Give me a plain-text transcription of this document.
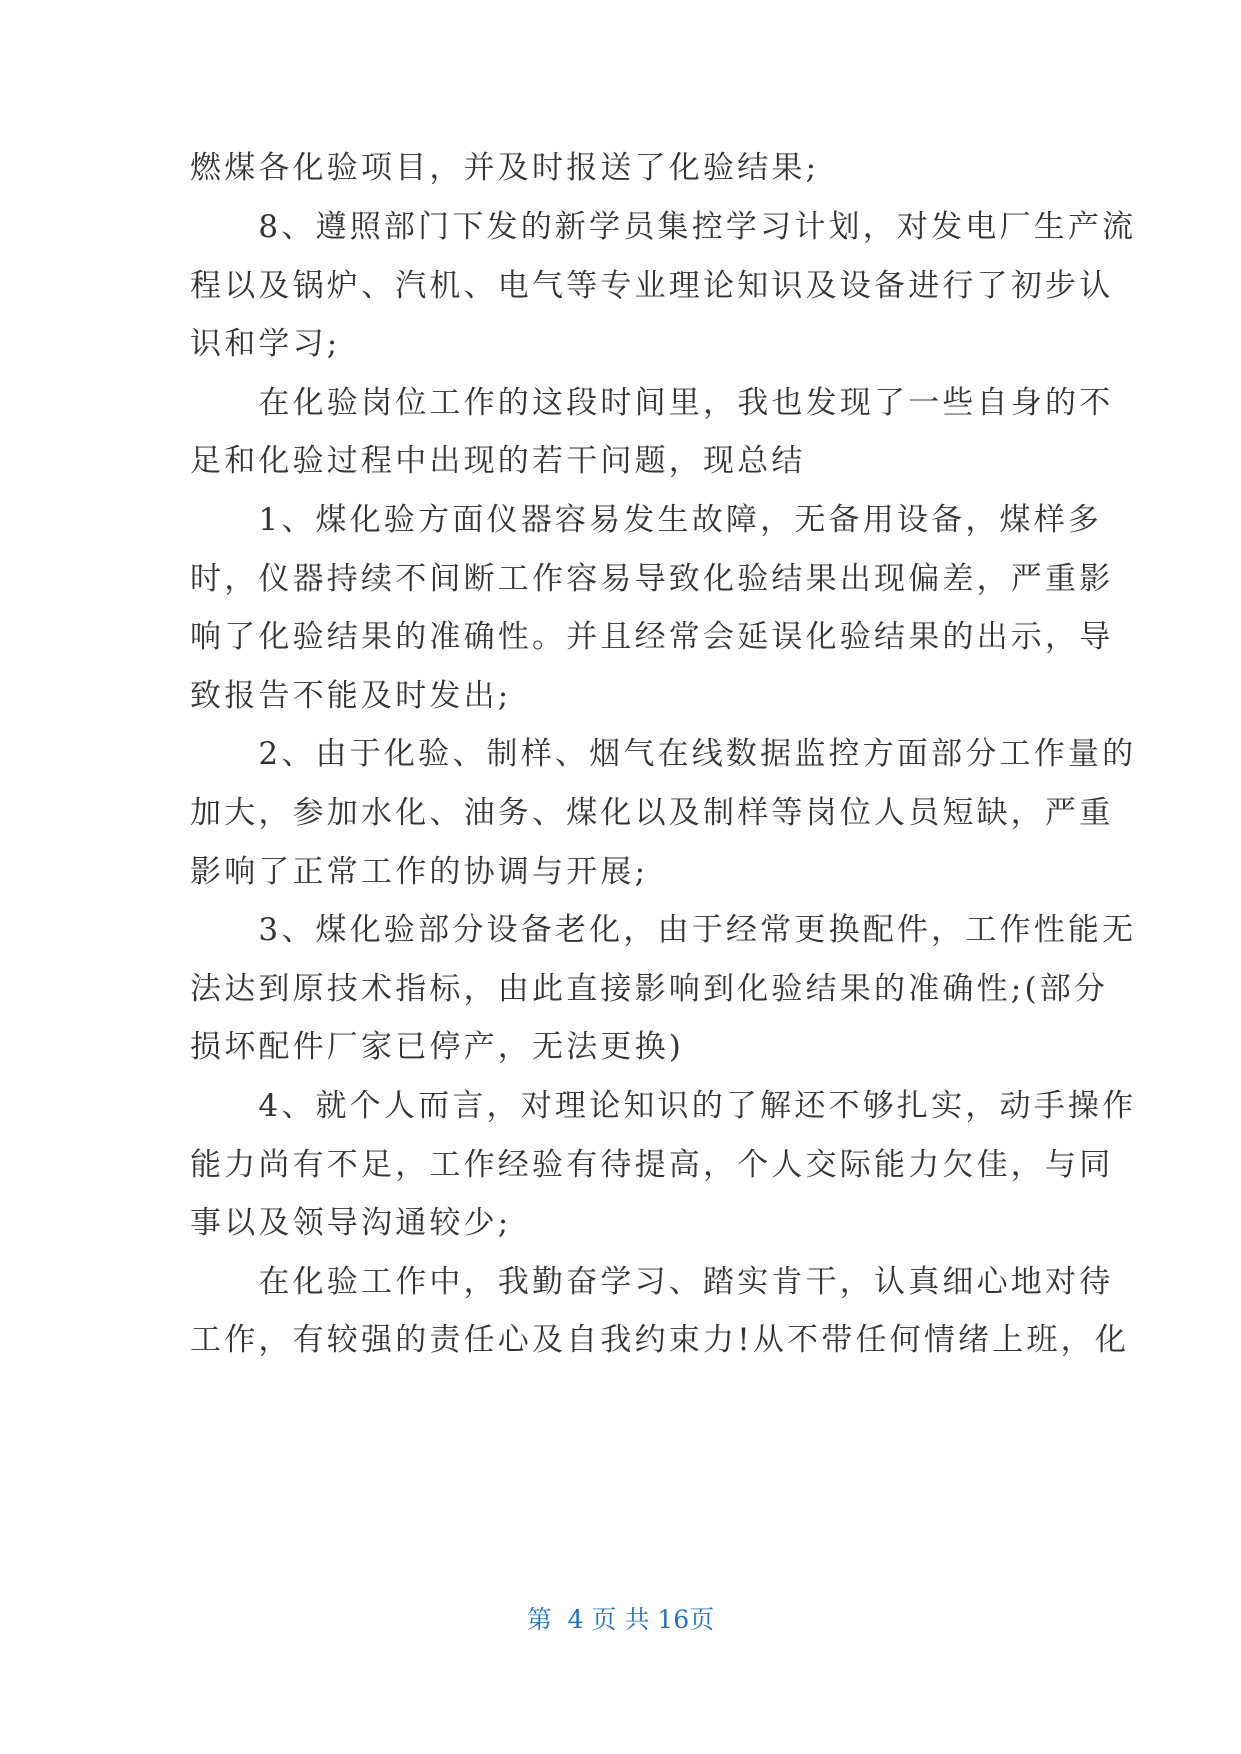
燃煤各化验项目，并及时报送了化验结果;
　　8、遵照部门下发的新学员集控学习计划，对发电厂生产流
程以及锅炉、汽机、电气等专业理论知识及设备进行了初步认
识和学习;
　　在化验岗位工作的这段时间里，我也发现了一些自身的不
足和化验过程中出现的若干问题，现总结
　　1、煤化验方面仪器容易发生故障，无备用设备，煤样多
时，仪器持续不间断工作容易导致化验结果出现偏差，严重影
响了化验结果的准确性。并且经常会延误化验结果的出示，导
致报告不能及时发出;
　　2、由于化验、制样、烟气在线数据监控方面部分工作量的
加大，参加水化、油务、煤化以及制样等岗位人员短缺，严重
影响了正常工作的协调与开展;
　　3、煤化验部分设备老化，由于经常更换配件，工作性能无
法达到原技术指标，由此直接影响到化验结果的准确性;(部分
损坏配件厂家已停产，无法更换)
　　4、就个人而言，对理论知识的了解还不够扎实，动手操作
能力尚有不足，工作经验有待提高，个人交际能力欠佳，与同
事以及领导沟通较少;
　　在化验工作中，我勤奋学习、踏实肯干，认真细心地对待
工作，有较强的责任心及自我约束力!从不带任何情绪上班，化
第  4 页 共 16页
